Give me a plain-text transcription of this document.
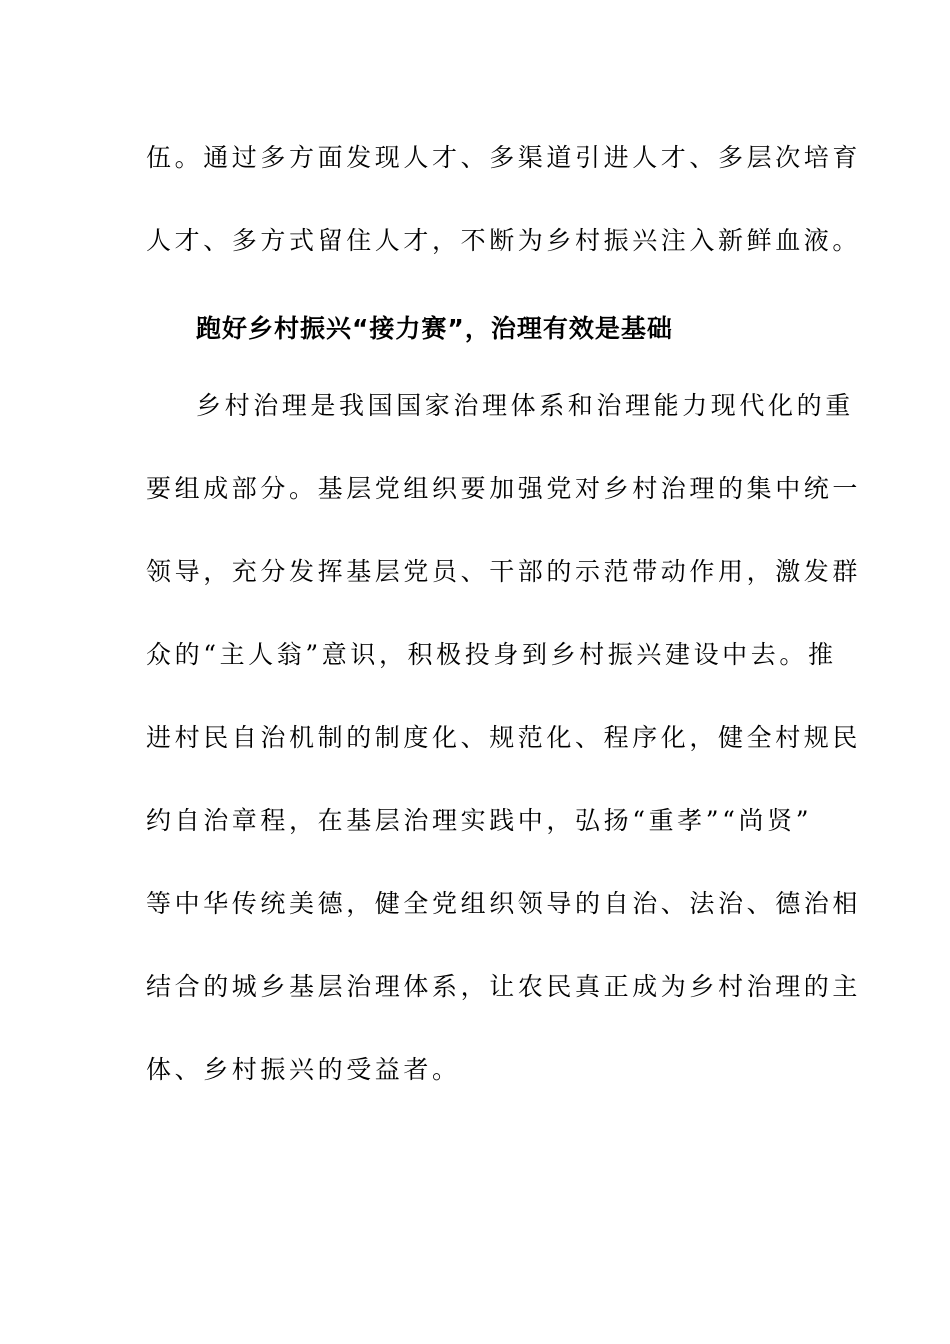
伍。通过多方面发现人才、多渠道引进人才、多层次培育
人才、多方式留住人才，不断为乡村振兴注入新鲜血液。
跑好乡村振兴“接力赛”，治理有效是基础
乡村治理是我国国家治理体系和治理能力现代化的重
要组成部分。基层党组织要加强党对乡村治理的集中统一
领导，充分发挥基层党员、干部的示范带动作用，激发群
众的“主人翁”意识，积极投身到乡村振兴建设中去。推
进村民自治机制的制度化、规范化、程序化，健全村规民
约自治章程，在基层治理实践中，弘扬“重孝”“尚贤”
等中华传统美德，健全党组织领导的自治、法治、德治相
结合的城乡基层治理体系，让农民真正成为乡村治理的主
体、乡村振兴的受益者。
